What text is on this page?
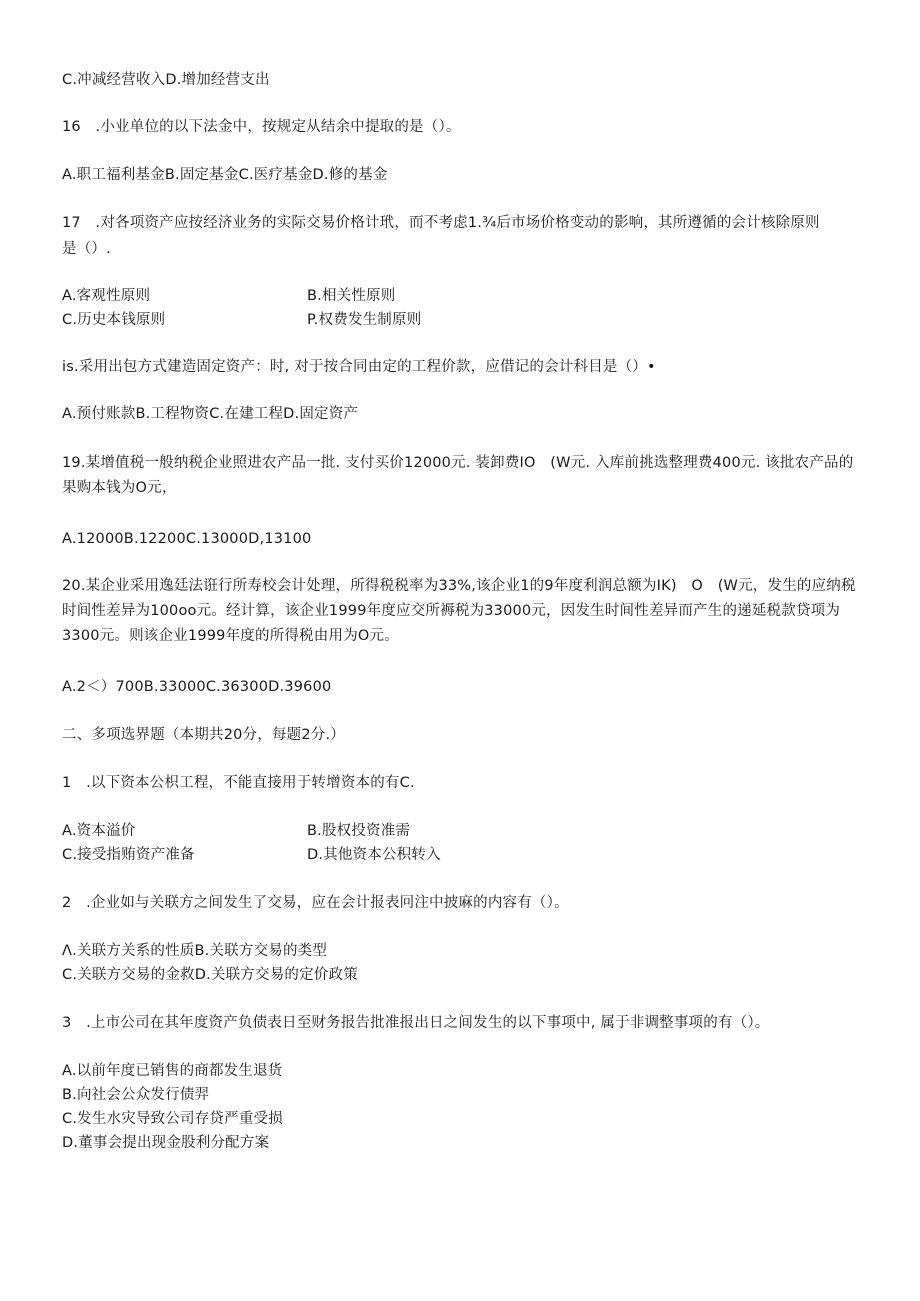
C.冲减经营收入D.增加经营支出
16　.小业单位的以下法金中，按规定从结余中提取的是（）。
A.职工福利基金B.固定基金C.医疗基金D.修的基金
17　.对各项资产应按经济业务的实际交易价格计玳，而不考虑1.¾后市场价格变动的影响，其所遵循的会计核除原则
是（）.
A.客观性原则	B.相关性原则
C.历史本钱原则	P.权费发生制原则
is.采用出包方式建造固定资产：时, 对于按合同由定的工程价款，应借记的会计科目是（）•
A.预付账款B.工程物资C.在建工程D.固定资产
19.某增值税一般纳税企业照进农产品一批. 支付买价12000元. 装卸费IO　(W元. 入库前挑选整理费400元. 该批农产品的
果购本钱为O元，
A.12000B.12200C.13000D,13100
20.某企业采用逸廷法诳行所寿校会计处理，所得税税率为33%,该企业1的9年度利润总额为IK)　O　(W元，发生的应纳税
时间性差异为100oo元。经计算，该企业1999年度应交所褥税为33000元，因发生时间性差异而产生的递延税款贷项为
3300元。则该企业1999年度的所得税由用为O元。
A.2＜）700B.33000C.36300D.39600
二、多项选界题（本期共20分，每题2分.）
1　.以下资本公枳工程，不能直接用于转增资本的有C.
A.资本溢价	B.股权投资准需
C.接受指贿资产准备	D.其他资本公积转入
2　.企业如与关联方之间发生了交易，应在会计报表冋注中披麻的内容有（）。
Λ.关联方关系的性质B.关联方交易的类型
C.关联方交易的金救D.关联方交易的定价政策
3　.上市公司在其年度资产负债表日至财务报告批准报出日之间发生的以下事项中, 属于非调整事项的有（）。
A.以前年度已销售的商都发生退货
B.向社会公众发行债羿
C.发生水灾导致公司存贷严重受损
D.董事会提出现金股利分配方案
